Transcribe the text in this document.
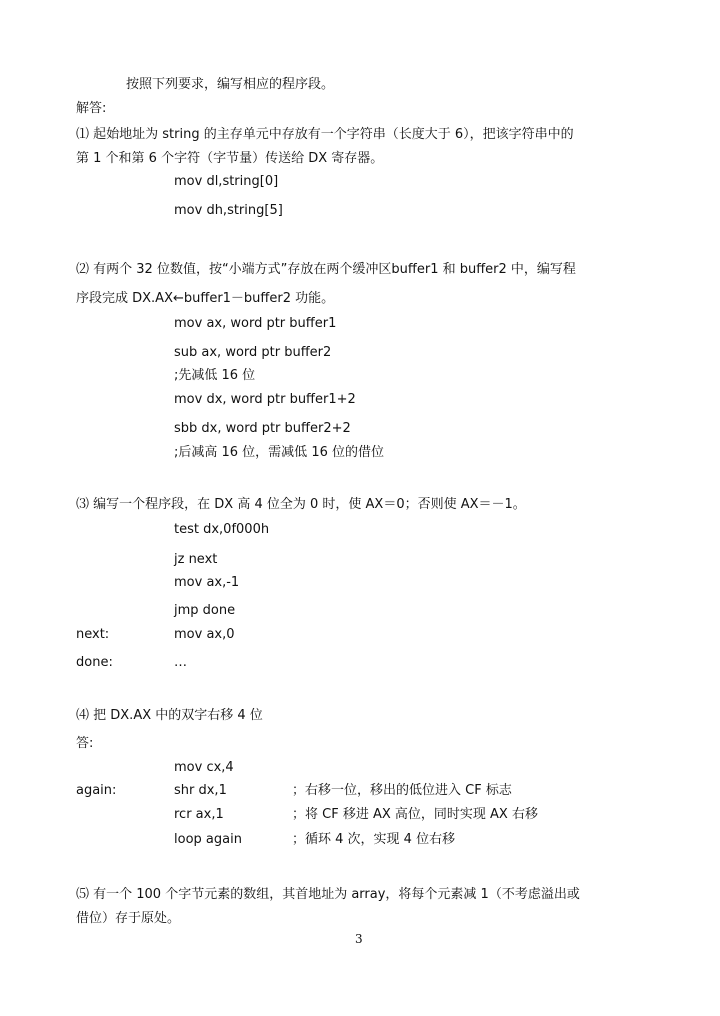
按照下列要求，编写相应的程序段。
解答:
⑴ 起始地址为 string 的主存单元中存放有一个字符串（长度大于 6），把该字符串中的
第 1 个和第 6 个字符（字节量）传送给 DX 寄存器。
mov dl,string[0]
mov dh,string[5]
⑵ 有两个 32 位数值，按“小端方式”存放在两个缓冲区buffer1 和 buffer2 中，编写程
序段完成 DX.AX←buffer1－buffer2 功能。
mov ax, word ptr buffer1
sub ax, word ptr buffer2
;先减低 16 位
mov dx, word ptr buffer1+2
sbb dx, word ptr buffer2+2
;后减高 16 位，需减低 16 位的借位
⑶ 编写一个程序段，在 DX 高 4 位全为 0 时，使 AX＝0；否则使 AX＝－1。
test dx,0f000h
jz next
mov ax,-1
jmp done
next:	mov ax,0
done:	…
⑷ 把 DX.AX 中的双字右移 4 位
答:
mov cx,4
again:	shr dx,1	；右移一位，移出的低位进入 CF 标志
rcr ax,1	；将 CF 移进 AX 高位，同时实现 AX 右移
loop again	；循环 4 次，实现 4 位右移
⑸ 有一个 100 个字节元素的数组，其首地址为 array，将每个元素减 1（不考虑溢出或
借位）存于原处。
3
